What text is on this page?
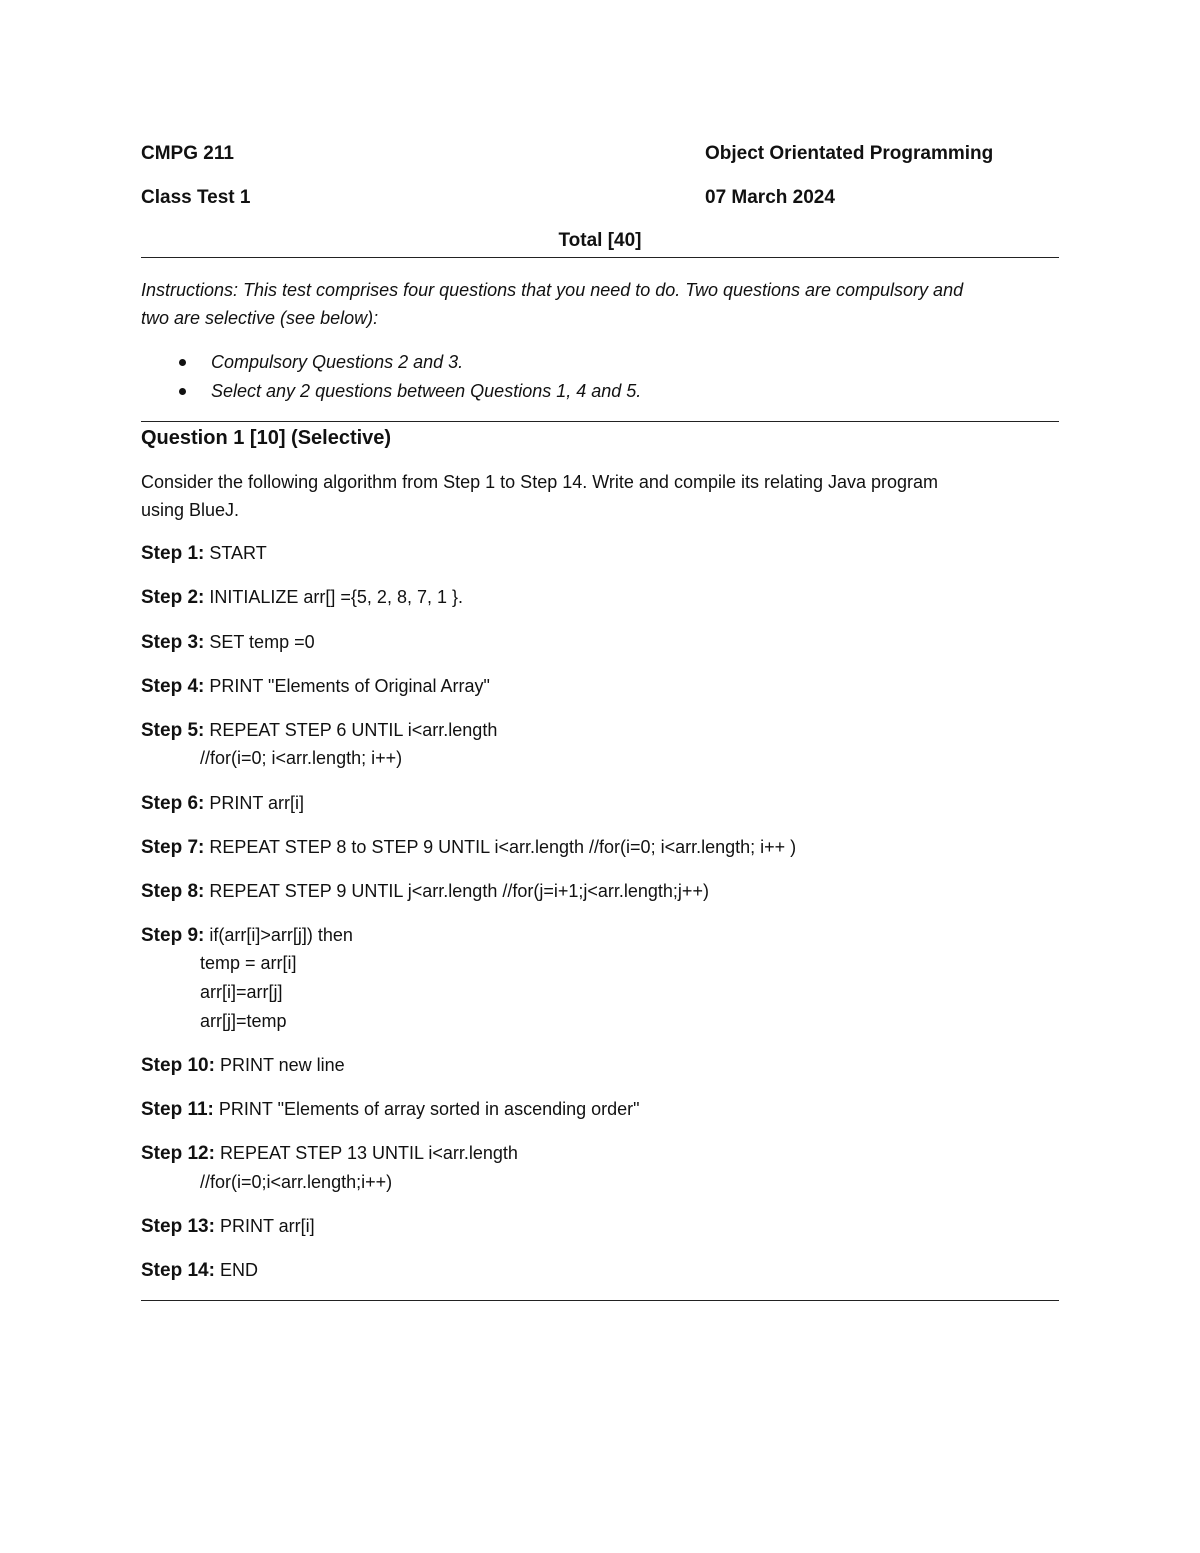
CMPG 211	Object Orientated Programming
Class Test 1	07 March 2024
Total [40]
Instructions: This test comprises four questions that you need to do. Two questions are compulsory and
two are selective (see below):
Compulsory Questions 2 and 3.
Select any 2 questions between Questions 1, 4 and 5.
Question 1 [10] (Selective)
Consider the following algorithm from Step 1 to Step 14. Write and compile its relating Java program
using BlueJ.
Step 1: START
Step 2: INITIALIZE arr[] ={5, 2, 8, 7, 1 }.
Step 3: SET temp =0
Step 4: PRINT "Elements of Original Array"
Step 5: REPEAT STEP 6 UNTIL i<arr.length
//for(i=0; i<arr.length; i++)
Step 6: PRINT arr[i]
Step 7: REPEAT STEP 8 to STEP 9 UNTIL i<arr.length //for(i=0; i<arr.length; i++ )
Step 8: REPEAT STEP 9 UNTIL j<arr.length //for(j=i+1;j<arr.length;j++)
Step 9: if(arr[i]>arr[j]) then
temp = arr[i]
arr[i]=arr[j]
arr[j]=temp
Step 10: PRINT new line
Step 11: PRINT "Elements of array sorted in ascending order"
Step 12: REPEAT STEP 13 UNTIL i<arr.length
//for(i=0;i<arr.length;i++)
Step 13: PRINT arr[i]
Step 14: END
